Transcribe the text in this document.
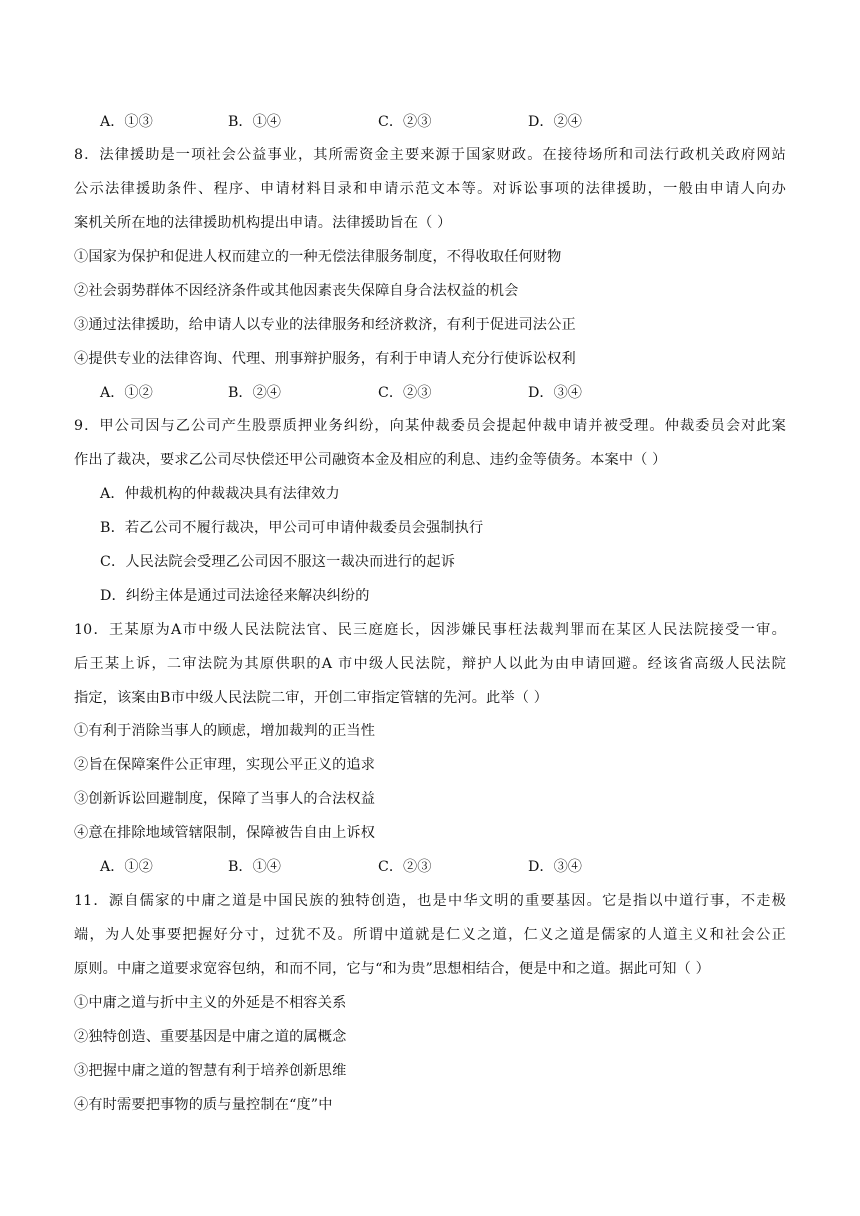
A．①③	B．①④	C．②③	D．②④
8．法律援助是一项社会公益事业，其所需资金主要来源于国家财政。在接待场所和司法行政机关政府网站
公示法律援助条件、程序、申请材料目录和申请示范文本等。对诉讼事项的法律援助，一般由申请人向办
案机关所在地的法律援助机构提出申请。法律援助旨在（ ）
①国家为保护和促进人权而建立的一种无偿法律服务制度，不得收取任何财物
②社会弱势群体不因经济条件或其他因素丧失保障自身合法权益的机会
③通过法律援助，给申请人以专业的法律服务和经济救济，有利于促进司法公正
④提供专业的法律咨询、代理、刑事辩护服务，有利于申请人充分行使诉讼权利
A．①②	B．②④	C．②③	D．③④
9．甲公司因与乙公司产生股票质押业务纠纷，向某仲裁委员会提起仲裁申请并被受理。仲裁委员会对此案
作出了裁决，要求乙公司尽快偿还甲公司融资本金及相应的利息、违约金等债务。本案中（ ）
A．仲裁机构的仲裁裁决具有法律效力
B．若乙公司不履行裁决，甲公司可申请仲裁委员会强制执行
C．人民法院会受理乙公司因不服这一裁决而进行的起诉
D．纠纷主体是通过司法途径来解决纠纷的
10．王某原为A市中级人民法院法官、民三庭庭长，因涉嫌民事枉法裁判罪而在某区人民法院接受一审。
后王某上诉，二审法院为其原供职的A 市中级人民法院，辩护人以此为由申请回避。经该省高级人民法院
指定，该案由B市中级人民法院二审，开创二审指定管辖的先河。此举（ ）
①有利于消除当事人的顾虑，增加裁判的正当性
②旨在保障案件公正审理，实现公平正义的追求
③创新诉讼回避制度，保障了当事人的合法权益
④意在排除地域管辖限制，保障被告自由上诉权
A．①②	B．①④	C．②③	D．③④
11．源自儒家的中庸之道是中国民族的独特创造，也是中华文明的重要基因。它是指以中道行事，不走极
端，为人处事要把握好分寸，过犹不及。所谓中道就是仁义之道，仁义之道是儒家的人道主义和社会公正
原则。中庸之道要求宽容包纳，和而不同，它与“和为贵”思想相结合，便是中和之道。据此可知（ ）
①中庸之道与折中主义的外延是不相容关系
②独特创造、重要基因是中庸之道的属概念
③把握中庸之道的智慧有利于培养创新思维
④有时需要把事物的质与量控制在“度”中
